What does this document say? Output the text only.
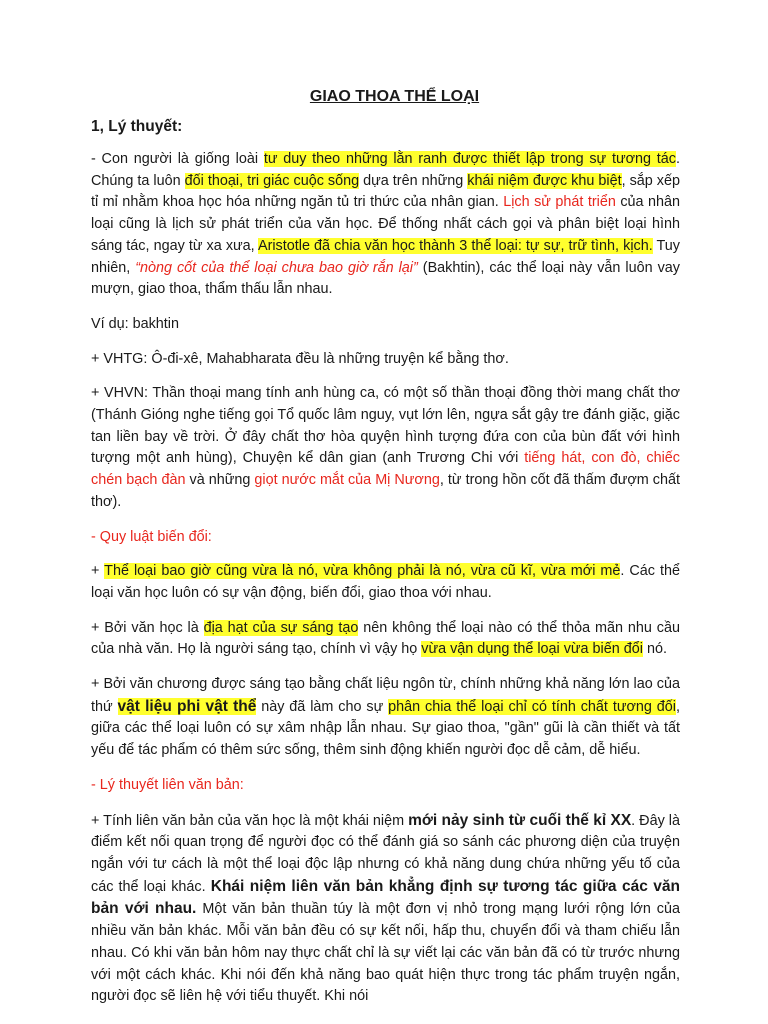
GIAO THOA THỂ LOẠI
1, Lý thuyết:

- Con người là giống loài tư duy theo những lằn ranh được thiết lập trong sự tương tác. Chúng ta luôn đối thoại, tri giác cuộc sống dựa trên những khái niệm được khu biệt, sắp xếp tỉ mỉ nhằm khoa học hóa những ngăn tủ tri thức của nhân gian. Lịch sử phát triển của nhân loại cũng là lịch sử phát triển của văn học. Để thống nhất cách gọi và phân biệt loại hình sáng tác, ngay từ xa xưa, Aristotle đã chia văn học thành 3 thể loại: tự sự, trữ tình, kịch. Tuy nhiên, “nòng cốt của thể loại chưa bao giờ rắn lại” (Bakhtin), các thể loại này vẫn luôn vay mượn, giao thoa, thẩm thấu lẫn nhau.

Ví dụ: bakhtin

+ VHTG: Ô-đi-xê, Mahabharata đều là những truyện kể bằng thơ.

+ VHVN: Thần thoại mang tính anh hùng ca, có một số thần thoại đồng thời mang chất thơ (Thánh Gióng nghe tiếng gọi Tổ quốc lâm nguy, vụt lớn lên, ngựa sắt gậy tre đánh giặc, giặc tan liền bay về trời. Ở đây chất thơ hòa quyện hình tượng đứa con của bùn đất với hình tượng một anh hùng), Chuyện kể dân gian (anh Trương Chi với tiếng hát, con đò, chiếc chén bạch đàn và những giọt nước mắt của Mị Nương, từ trong hồn cốt đã thấm đượm chất thơ).

- Quy luật biến đổi:

+ Thể loại bao giờ cũng vừa là nó, vừa không phải là nó, vừa cũ kĩ, vừa mới mẻ. Các thể loại văn học luôn có sự vận động, biến đổi, giao thoa với nhau.

+ Bởi văn học là địa hạt của sự sáng tạo nên không thể loại nào có thể thỏa mãn nhu cầu của nhà văn. Họ là người sáng tạo, chính vì vậy họ vừa vận dụng thể loại vừa biến đổi nó.

+ Bởi văn chương được sáng tạo bằng chất liệu ngôn từ, chính những khả năng lớn lao của thứ vật liệu phi vật thể này đã làm cho sự phân chia thể loại chỉ có tính chất tương đối, giữa các thể loại luôn có sự xâm nhập lẫn nhau. Sự giao thoa, "gần" gũi là cần thiết và tất yếu để tác phẩm có thêm sức sống, thêm sinh động khiến người đọc dễ cảm, dễ hiểu.

- Lý thuyết liên văn bản:

+ Tính liên văn bản của văn học là một khái niệm mới nảy sinh từ cuối thế kỉ XX. Đây là điểm kết nối quan trọng để người đọc có thể đánh giá so sánh các phương diện của truyện ngắn với tư cách là một thể loại độc lập nhưng có khả năng dung chứa những yếu tố của các thể loại khác. Khái niệm liên văn bản khẳng định sự tương tác giữa các văn bản với nhau. Một văn bản thuần túy là một đơn vị nhỏ trong mạng lưới rộng lớn của nhiều văn bản khác. Mỗi văn bản đều có sự kết nối, hấp thu, chuyển đổi và tham chiếu lẫn nhau. Có khi văn bản hôm nay thực chất chỉ là sự viết lại các văn bản đã có từ trước nhưng với một cách khác. Khi nói đến khả năng bao quát hiện thực trong tác phẩm truyện ngắn, người đọc sẽ liên hệ với tiểu thuyết. Khi nói
